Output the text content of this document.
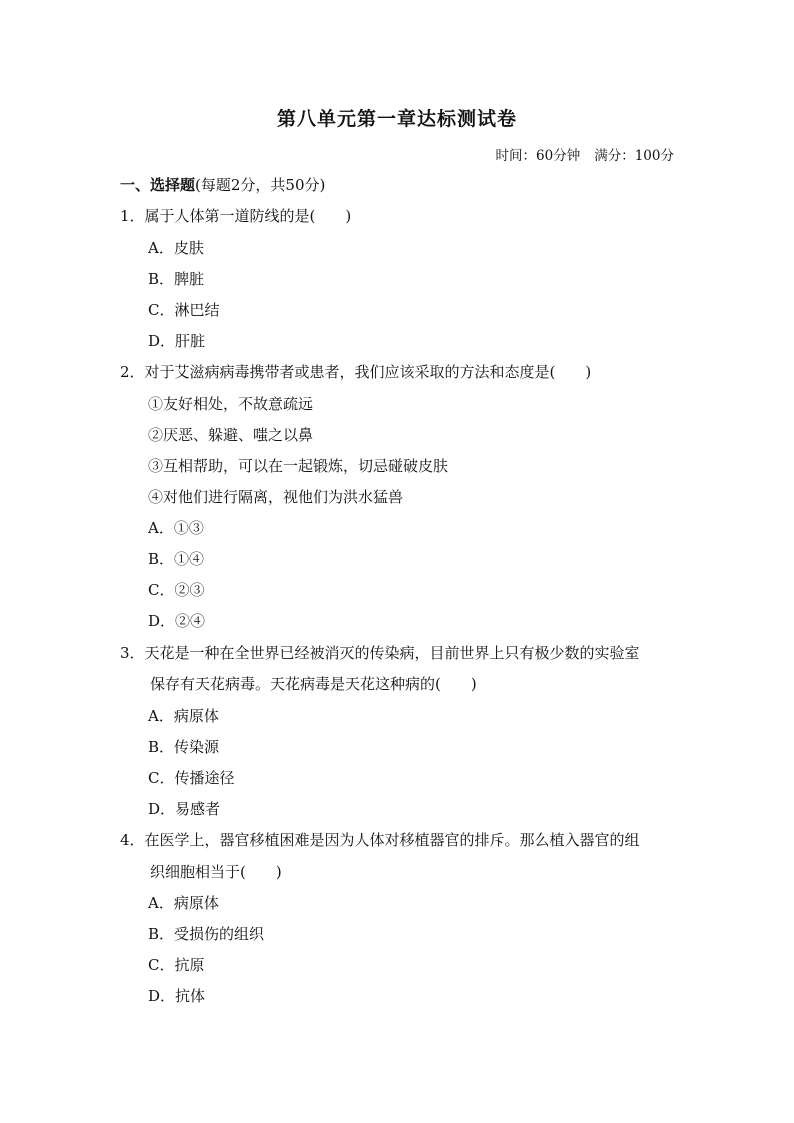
第八单元第一章达标测试卷
时间：60分钟 满分：100分
一、选择题(每题2分，共50分)
1．属于人体第一道防线的是(　　)
A．皮肤
B．脾脏
C．淋巴结
D．肝脏
2．对于艾滋病病毒携带者或患者，我们应该采取的方法和态度是(　　)
①友好相处，不故意疏远
②厌恶、躲避、嗤之以鼻
③互相帮助，可以在一起锻炼，切忌碰破皮肤
④对他们进行隔离，视他们为洪水猛兽
A．①③
B．①④
C．②③
D．②④
3．天花是一种在全世界已经被消灭的传染病，目前世界上只有极少数的实验室
保存有天花病毒。天花病毒是天花这种病的(　　)
A．病原体
B．传染源
C．传播途径
D．易感者
4．在医学上，器官移植困难是因为人体对移植器官的排斥。那么植入器官的组
织细胞相当于(　　)
A．病原体
B．受损伤的组织
C．抗原
D．抗体
